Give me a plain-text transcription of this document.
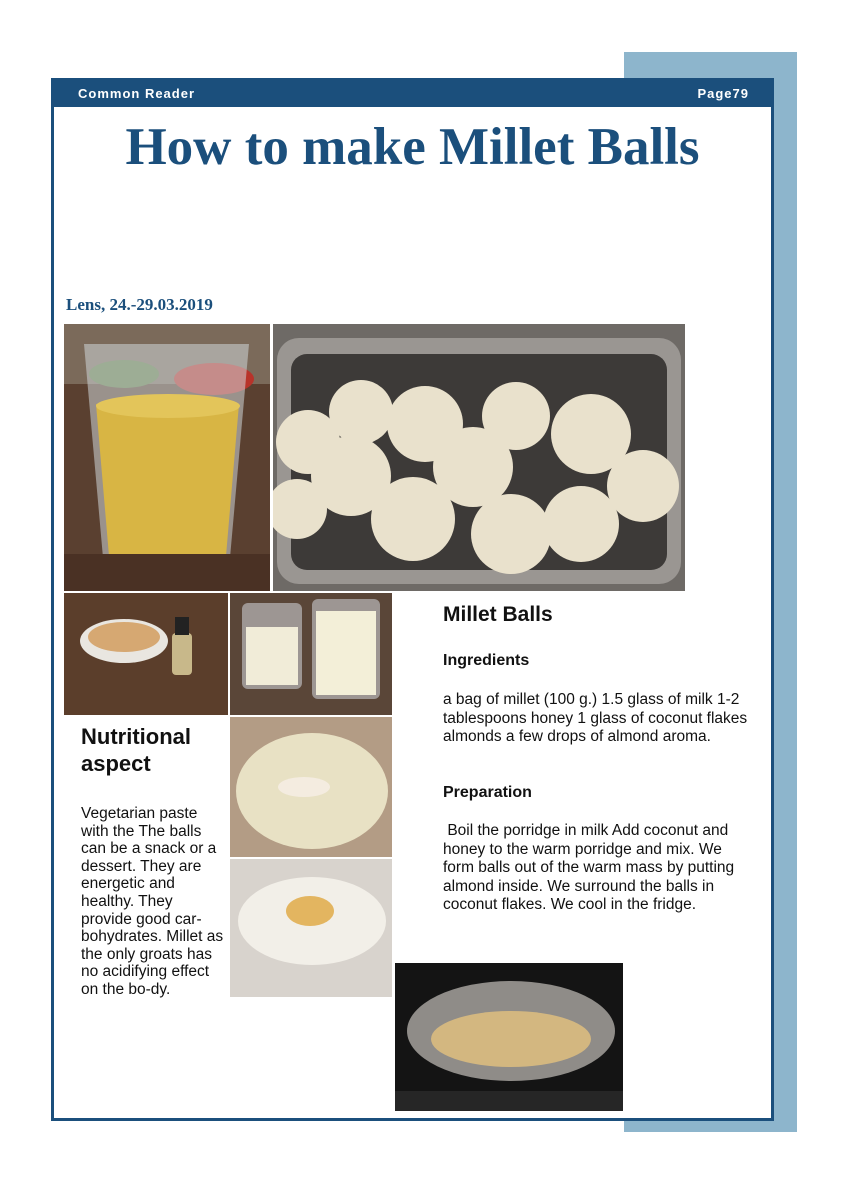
Common Reader	Page79
How to make Millet Balls
Lens, 24.-29.03.2019
Millet Balls
Ingredients
a bag of millet (100 g.) 1.5 glass of milk 1-2 tablespoons honey 1 glass of coconut flakes almonds a few drops of almond aroma.
Preparation
Boil the porridge in milk Add coconut and honey to the warm porridge and mix. We form balls out of the warm mass by putting almond inside. We surround the balls in coconut flakes. We cool in the fridge.
Nutritional aspect
Vegetarian paste with the The balls can be a snack or a dessert. They are energetic and healthy. They provide good car-bohydrates. Millet as the only groats has no acidifying effect on the bo-dy.
